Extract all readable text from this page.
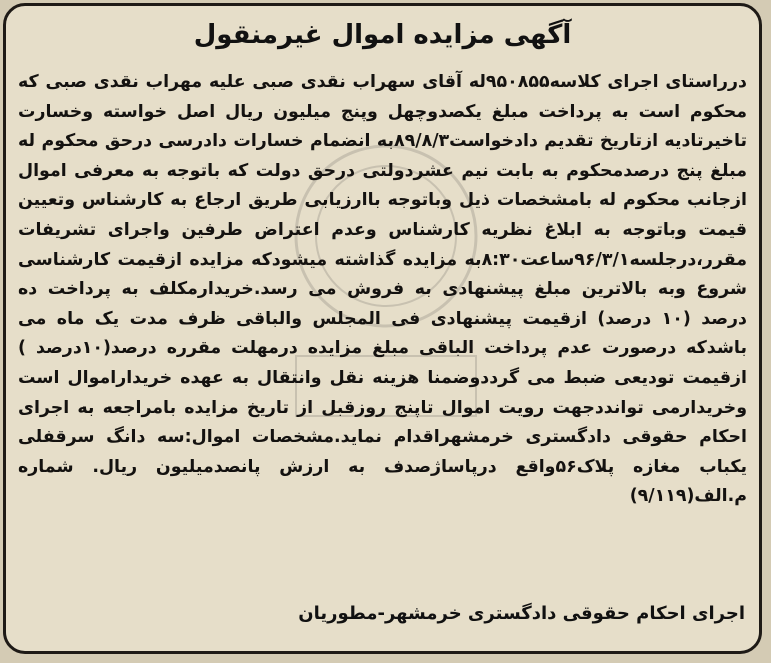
آگهی مزایده اموال غیرمنقول

درراستای اجرای کلاسه۹۵۰۸۵۵له آقای سهراب نقدی صبی علیه مهراب نقدی صبی که محکوم است به پرداخت مبلغ یکصدوچهل وپنج میلیون ریال اصل خواسته وخسارت تاخیرتادیه ازتاریخ تقدیم دادخواست۸۹/۸/۳به انضمام خسارات دادرسی درحق محکوم له مبلغ پنج درصدمحکوم به بابت نیم عشردولتی درحق دولت که باتوجه به معرفی اموال ازجانب محکوم له بامشخصات ذیل وباتوجه باارزیابی طریق ارجاع به کارشناس وتعیین قیمت وباتوجه به ابلاغ نظریه کارشناس وعدم اعتراض طرفین واجرای تشریفات مقرر،درجلسه۹۶/۳/۱ساعت۸:۳۰به مزایده گذاشته میشودکه مزایده ازقیمت کارشناسی شروع وبه بالاترین مبلغ پیشنهادی به فروش می رسد.خریدارمکلف به پرداخت ده درصد (۱۰ درصد) ازقیمت پیشنهادی فی المجلس والباقی ظرف مدت یک ماه می باشدکه درصورت عدم پرداخت الباقی مبلغ مزایده درمهلت مقرره درصد(۱۰درصد ) ازقیمت تودیعی ضبط می گرددوضمنا هزینه نقل وانتقال به عهده خریداراموال است وخریدارمی توانددجهت رویت اموال تاپنج روزقبل از تاریخ مزایده بامراجعه به اجرای احکام حقوقی دادگستری خرمشهراقدام نماید.مشخصات اموال:سه دانگ سرقفلی یکباب مغازه پلاک۵۶واقع درپاساژصدف به ارزش پانصدمیلیون ریال. شماره م.الف(۹/۱۱۹)

اجرای احکام حقوقی دادگستری خرمشهر-مطوریان
